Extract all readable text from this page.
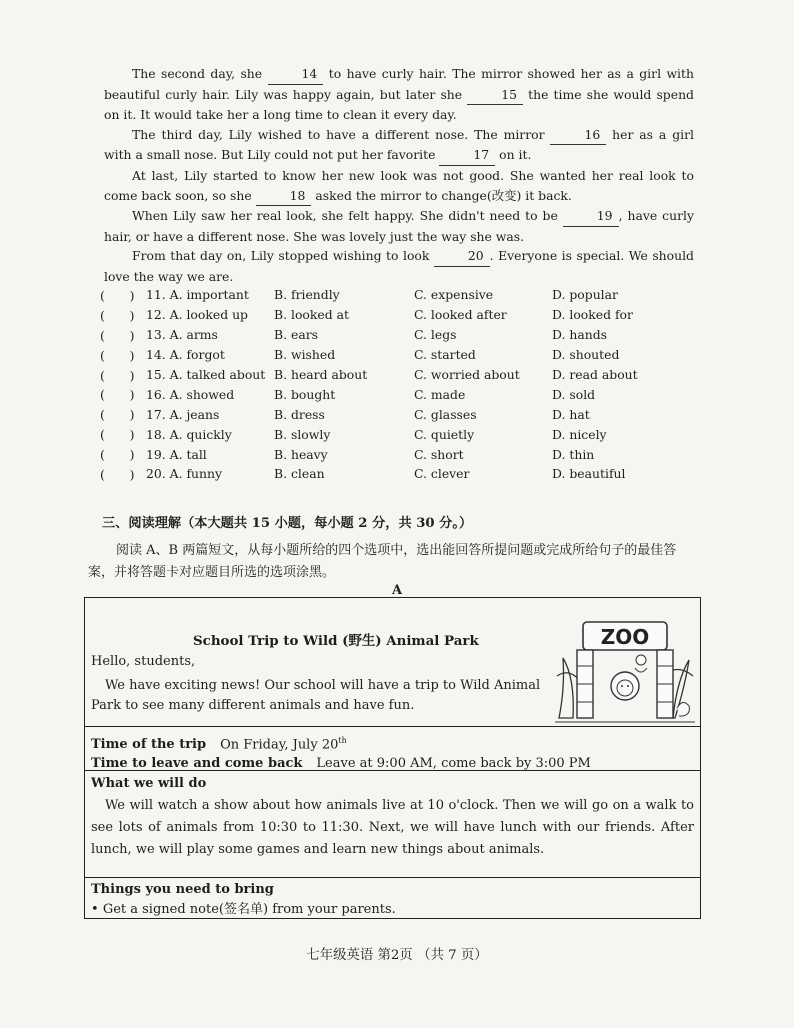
The second day, she	14 to have curly hair. The mirror showed her as a girl with beautiful curly hair. Lily was happy again, but later she	15 the time she would spend on it. It would take her a long time to clean it every day.

The third day, Lily wished to have a different nose. The mirror	16 her as a girl with a small nose. But Lily could not put her favorite	17 on it.

At last, Lily started to know her new look was not good. She wanted her real look to come back soon, so she	18 asked the mirror to change(改变) it back.

When Lily saw her real look, she felt happy. She didn't need to be	19 , have curly hair, or have a different nose. She was lovely just the way she was.

From that day on, Lily stopped wishing to look	20 . Everyone is special. We should love the way we are.

(　　) 11. A. important	B. friendly	C. expensive	D. popular
(　　) 12. A. looked up	B. looked at	C. looked after	D. looked for
(　　) 13. A. arms	B. ears	C. legs	D. hands
(　　) 14. A. forgot	B. wished	C. started	D. shouted
(　　) 15. A. talked about B. heard about	C. worried about	D. read about
(　　) 16. A. showed	B. bought	C. made	D. sold
(　　) 17. A. jeans	B. dress	C. glasses	D. hat
(　　) 18. A. quickly	B. slowly	C. quietly	D. nicely
(　　) 19. A. tall	B. heavy	C. short	D. thin
(　　) 20. A. funny	B. clean	C. clever	D. beautiful
三、阅读理解（本大题共 15 小题，每小题 2 分，共 30 分。）
阅读 A、B 两篇短文，从每小题所给的四个选项中，选出能回答所提问题或完成所给句子的最佳答案，并将答题卡对应题目所选的选项涂黑。
A
School Trip to Wild (野生) Animal Park
Hello, students,
We have exciting news! Our school will have a trip to Wild Animal Park to see many different animals and have fun.
ZOO
Time of the trip On Friday, July 20th
Time to leave and come back Leave at 9:00 AM, come back by 3:00 PM
What we will do

We will watch a show about how animals live at 10 o'clock. Then we will go on a walk to see lots of animals from 10:30 to 11:30. Next, we will have lunch with our friends. After lunch, we will play some games and learn new things about animals.

Things you need to bring
• Get a signed note(签名单) from your parents.
七年级英语 第2页 （共 7 页）
